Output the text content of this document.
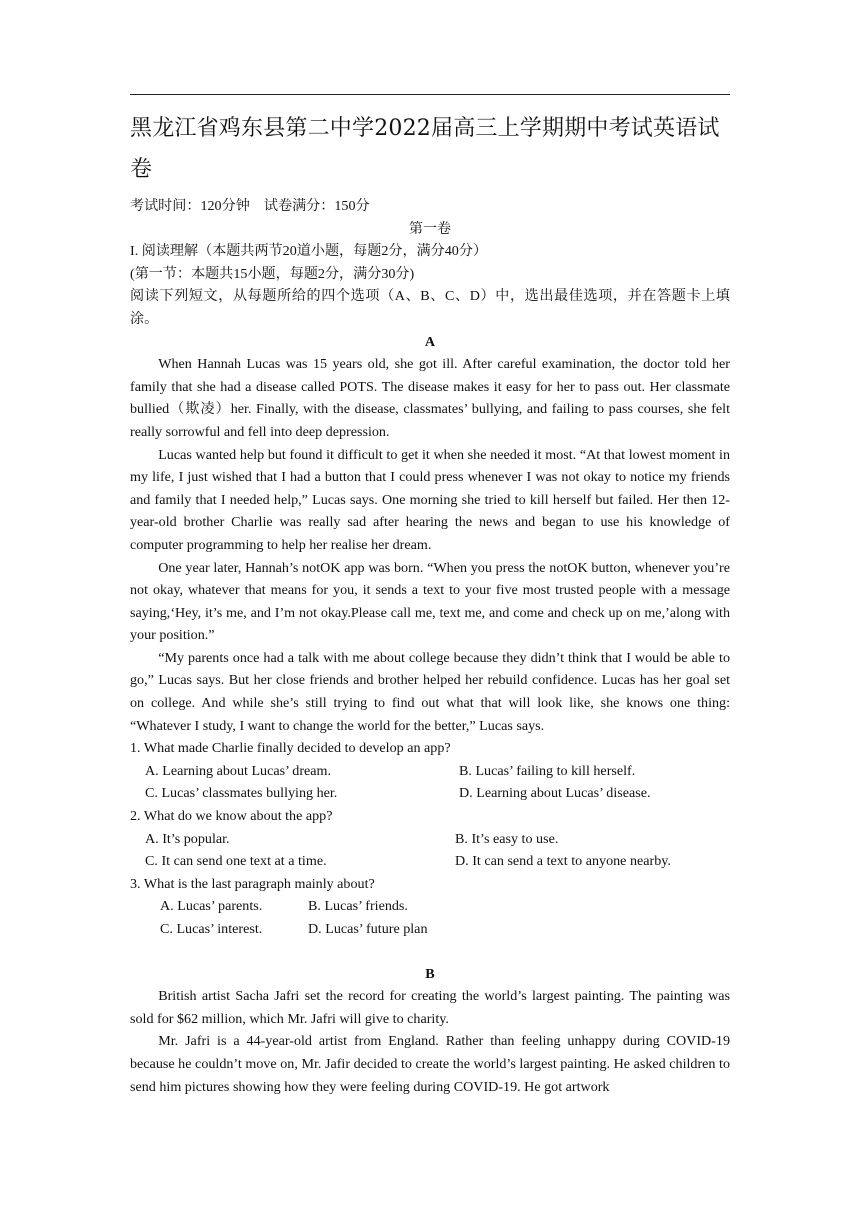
黑龙江省鸡东县第二中学2022届高三上学期期中考试英语试卷

考试时间：120分钟    试卷满分：150分

第一卷

I. 阅读理解（本题共两节20道小题，每题2分，满分40分）

(第一节：本题共15小题，每题2分，满分30分)

阅读下列短文，从每题所给的四个选项（A、B、C、D）中，选出最佳选项，并在答题卡上填涂。

A

When Hannah Lucas was 15 years old, she got ill. After careful examination, the doctor told her family that she had a disease called POTS. The disease makes it easy for her to pass out. Her classmate bullied（欺凌）her. Finally, with the disease, classmates’ bullying, and failing to pass courses, she felt really sorrowful and fell into deep depression.

Lucas wanted help but found it difficult to get it when she needed it most. “At that lowest moment in my life, I just wished that I had a button that I could press whenever I was not okay to notice my friends and family that I needed help,” Lucas says. One morning she tried to kill herself but failed. Her then 12-year-old brother Charlie was really sad after hearing the news and began to use his knowledge of computer programming to help her realise her dream.

One year later, Hannah’s notOK app was born. “When you press the notOK button, whenever you’re not okay, whatever that means for you, it sends a text to your five most trusted people with a message saying,‘Hey, it’s me, and I’m not okay.Please call me, text me, and come and check up on me,’along with your position.”

“My parents once had a talk with me about college because they didn’t think that I would be able to go,” Lucas says. But her close friends and brother helped her rebuild confidence. Lucas has her goal set on college. And while she’s still trying to find out what that will look like, she knows one thing: “Whatever I study, I want to change the world for the better,” Lucas says.

1. What made Charlie finally decided to develop an app?

A. Learning about Lucas’ dream.	B. Lucas’ failing to kill herself.
C. Lucas’ classmates bullying her.	D. Learning about Lucas’ disease.

2. What do we know about the app?

A. It’s popular.	B. It’s easy to use.
C. It can send one text at a time.	D. It can send a text to anyone nearby.

3. What is the last paragraph mainly about?

A. Lucas’ parents.	B. Lucas’ friends.
C. Lucas’ interest.	D. Lucas’ future plan

B

British artist Sacha Jafri set the record for creating the world’s largest painting. The painting was sold for $62 million, which Mr. Jafri will give to charity.

Mr. Jafri is a 44-year-old artist from England. Rather than feeling unhappy during COVID-19 because he couldn’t move on, Mr. Jafir decided to create the world’s largest painting. He asked children to send him pictures showing how they were feeling during COVID-19. He got artwork
